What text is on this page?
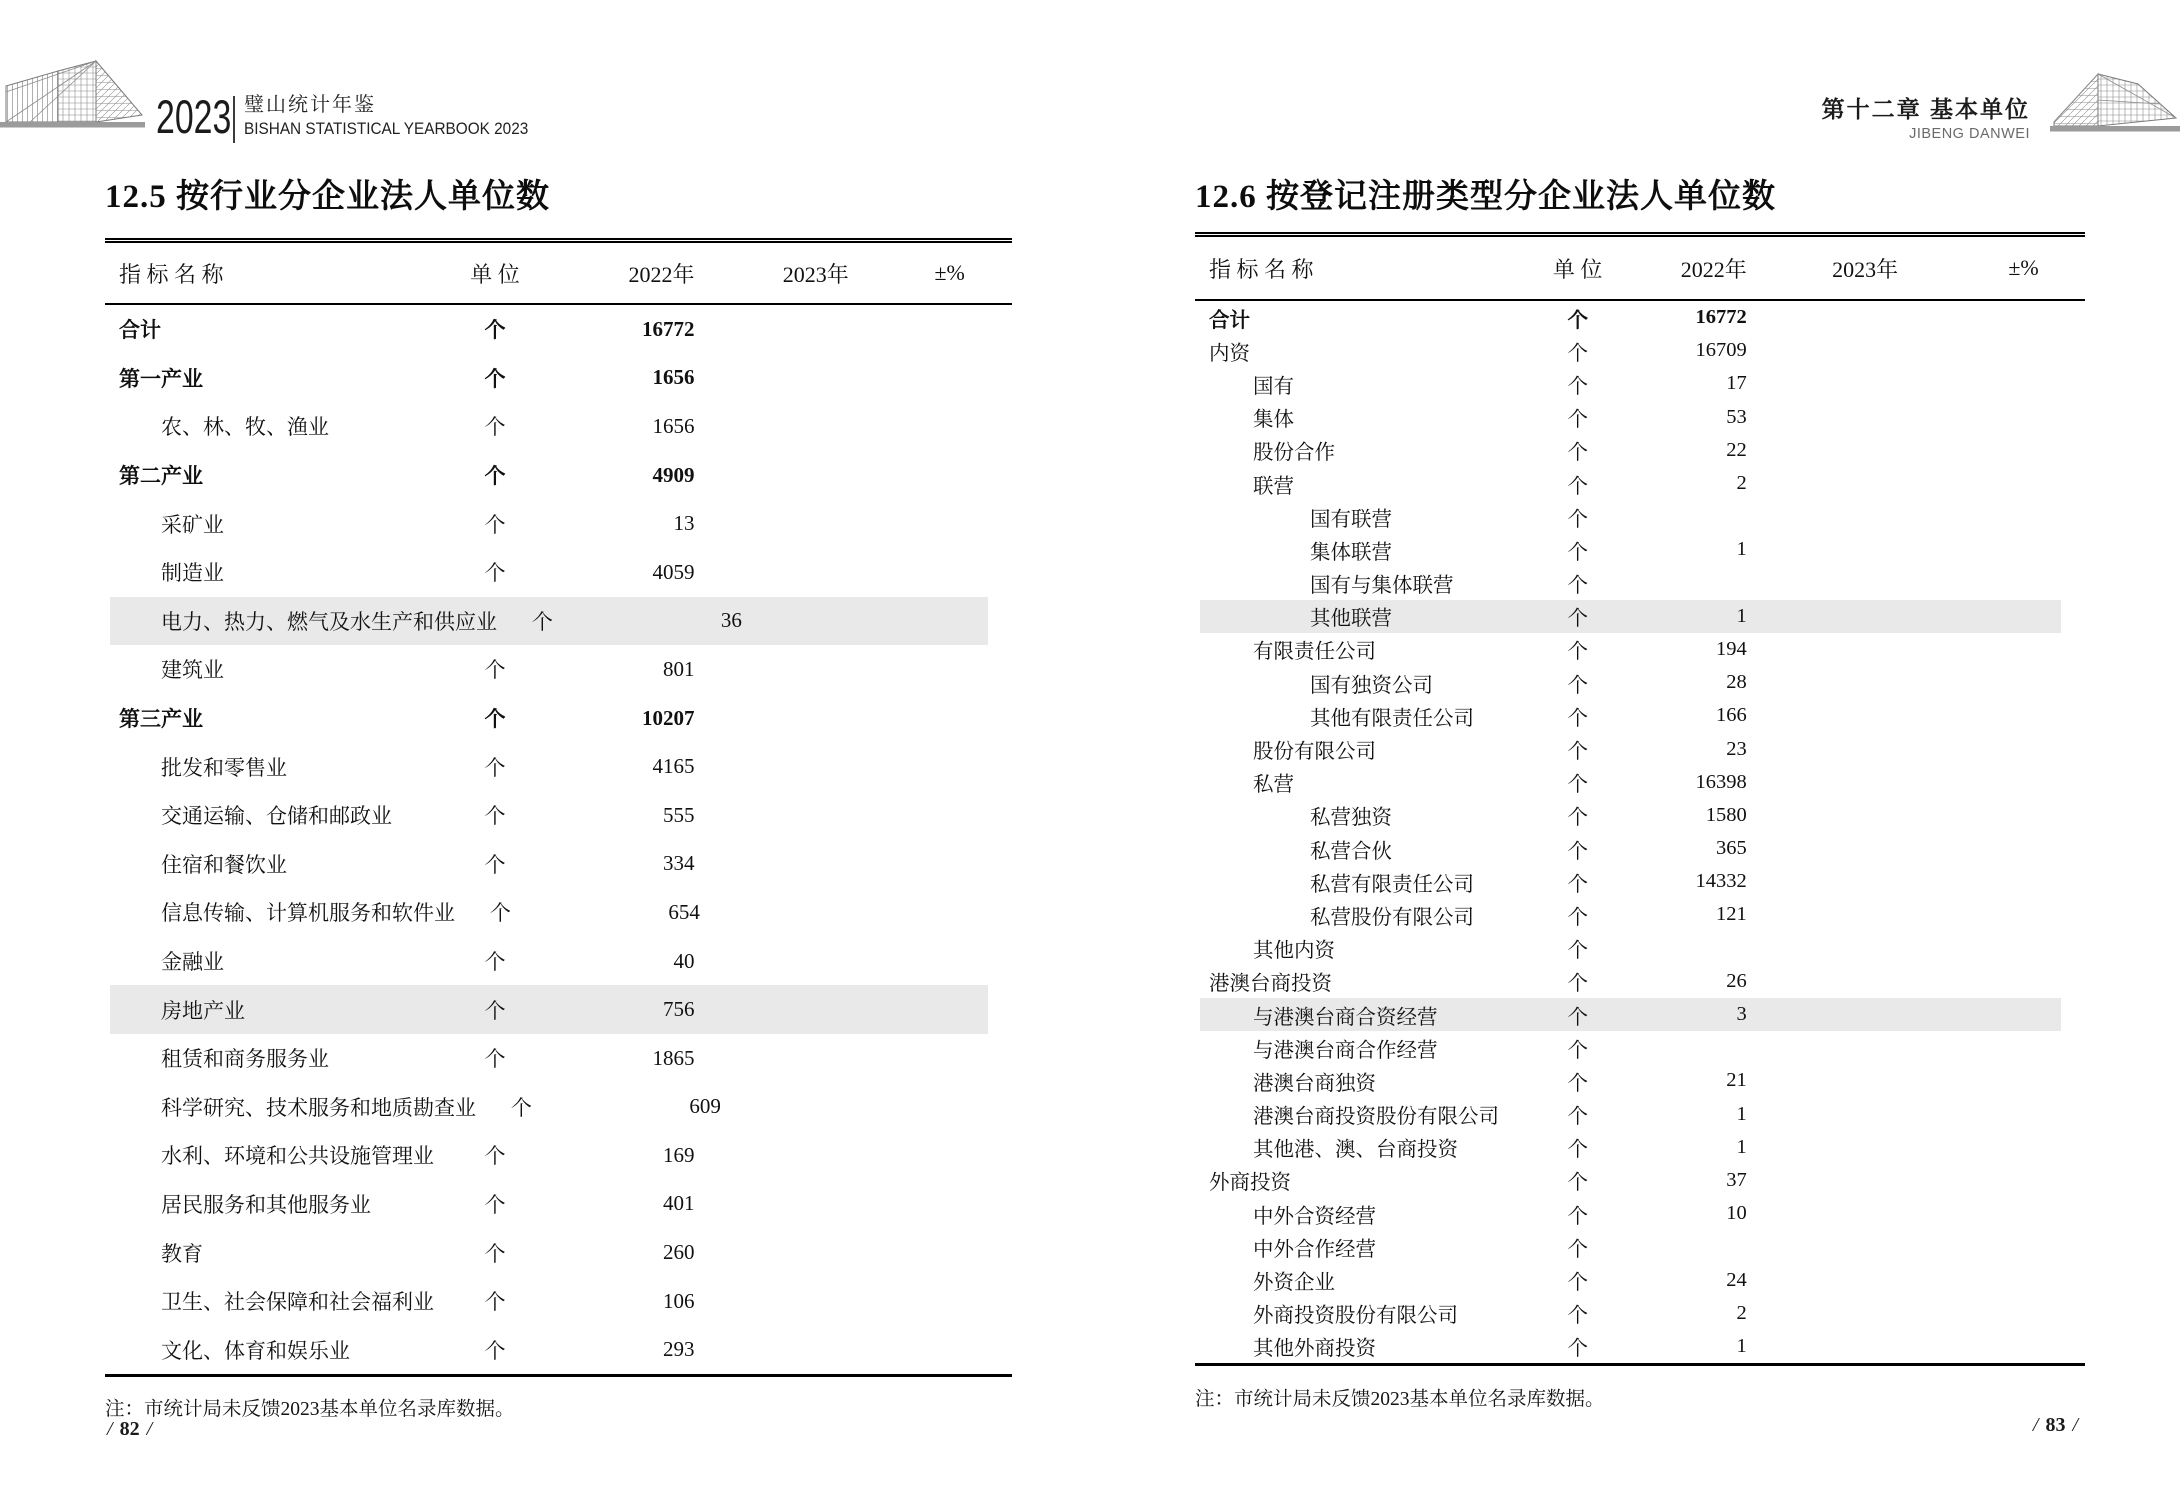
2023 璧山统计年鉴
BISHAN STATISTICAL YEARBOOK 2023
第十二章 基本单位
JIBENG DANWEI
12.5 按行业分企业法人单位数	12.6 按登记注册类型分企业法人单位数
指 标 名 称	单 位	2022年	2023年	±%
合计	个	16772
第一产业	个	1656
农、林、牧、渔业	个	1656
第二产业	个	4909
采矿业	个	13
制造业	个	4059
电力、热力、燃气及水生产和供应业	个	36
建筑业	个	801
第三产业	个	10207
批发和零售业	个	4165
交通运输、仓储和邮政业	个	555
住宿和餐饮业	个	334
信息传输、计算机服务和软件业	个	654
金融业	个	40
房地产业	个	756
租赁和商务服务业	个	1865
科学研究、技术服务和地质勘查业	个	609
水利、环境和公共设施管理业	个	169
居民服务和其他服务业	个	401
教育	个	260
卫生、社会保障和社会福利业	个	106
文化、体育和娱乐业	个	293
指 标 名 称	单 位	2022年	2023年	±%
合计	个	16772
内资	个	16709
国有	个	17
集体	个	53
股份合作	个	22
联营	个	2
国有联营	个
集体联营	个	1
国有与集体联营	个
其他联营	个	1
有限责任公司	个	194
国有独资公司	个	28
其他有限责任公司	个	166
股份有限公司	个	23
私营	个	16398
私营独资	个	1580
私营合伙	个	365
私营有限责任公司	个	14332
私营股份有限公司	个	121
其他内资	个
港澳台商投资	个	26
与港澳台商合资经营	个	3
与港澳台商合作经营	个
港澳台商独资	个	21
港澳台商投资股份有限公司	个	1
其他港、澳、台商投资	个	1
外商投资	个	37
中外合资经营	个	10
中外合作经营	个
外资企业	个	24
外商投资股份有限公司	个	2
其他外商投资	个	1
注：市统计局未反馈2023基本单位名录库数据。	注：市统计局未反馈2023基本单位名录库数据。
/ 82 /	/ 83 /
